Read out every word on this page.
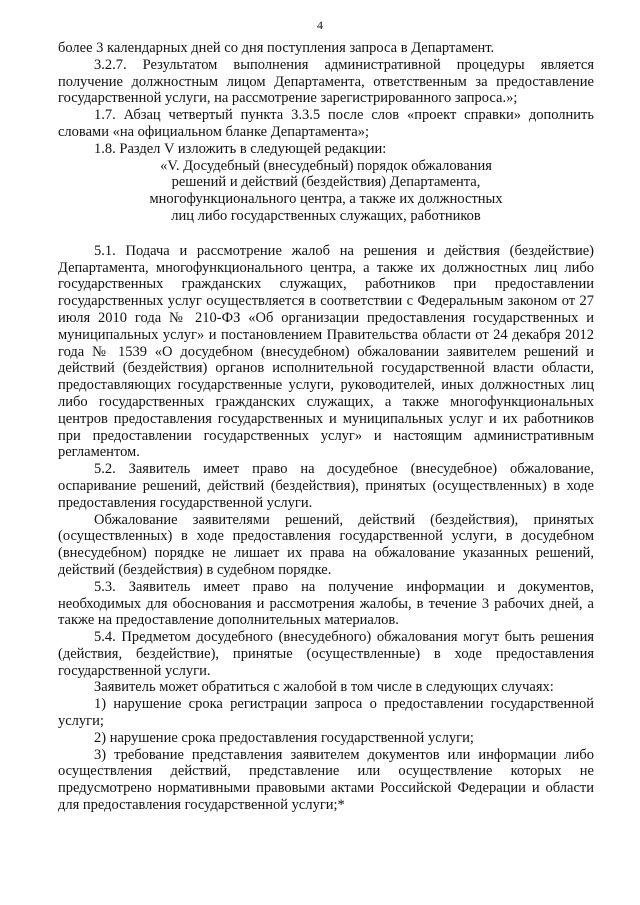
4

более 3 календарных дней со дня поступления запроса в Департамент.

3.2.7. Результатом выполнения административной процедуры является получение должностным лицом Департамента, ответственным за предоставление государственной услуги, на рассмотрение зарегистрированного запроса.»;

1.7. Абзац четвертый пункта 3.3.5 после слов «проект справки» дополнить словами «на официальном бланке Департамента»;

1.8. Раздел V изложить в следующей редакции:

«V. Досудебный (внесудебный) порядок обжалования

решений и действий (бездействия) Департамента,

многофункционального центра, а также их должностных

лиц либо государственных служащих, работников

5.1. Подача и рассмотрение жалоб на решения и действия (бездействие) Департамента, многофункционального центра, а также их должностных лиц либо государственных гражданских служащих, работников при предоставлении государственных услуг осуществляется в соответствии с Федеральным законом от 27 июля 2010 года № 210-ФЗ «Об организации предоставления государственных и муниципальных услуг» и постановлением Правительства области от 24 декабря 2012 года № 1539 «О досудебном (внесудебном) обжаловании заявителем решений и действий (бездействия) органов исполнительной государственной власти области, предоставляющих государственные услуги, руководителей, иных должностных лиц либо государственных гражданских служащих, а также многофункциональных центров предоставления государственных и муниципальных услуг и их работников при предоставлении государственных услуг» и настоящим административным регламентом.

5.2. Заявитель имеет право на досудебное (внесудебное) обжалование, оспаривание решений, действий (бездействия), принятых (осуществленных) в ходе предоставления государственной услуги.

Обжалование заявителями решений, действий (бездействия), принятых (осуществленных) в ходе предоставления государственной услуги, в досудебном (внесудебном) порядке не лишает их права на обжалование указанных решений, действий (бездействия) в судебном порядке.

5.3. Заявитель имеет право на получение информации и документов, необходимых для обоснования и рассмотрения жалобы, в течение 3 рабочих дней, а также на предоставление дополнительных материалов.

5.4. Предметом досудебного (внесудебного) обжалования могут быть решения (действия, бездействие), принятые (осуществленные) в ходе предоставления государственной услуги.

Заявитель может обратиться с жалобой в том числе в следующих случаях:

1) нарушение срока регистрации запроса о предоставлении государственной услуги;

2) нарушение срока предоставления государственной услуги;

3) требование представления заявителем документов или информации либо осуществления действий, представление или осуществление которых не предусмотрено нормативными правовыми актами Российской Федерации и области для предоставления государственной услуги;*
